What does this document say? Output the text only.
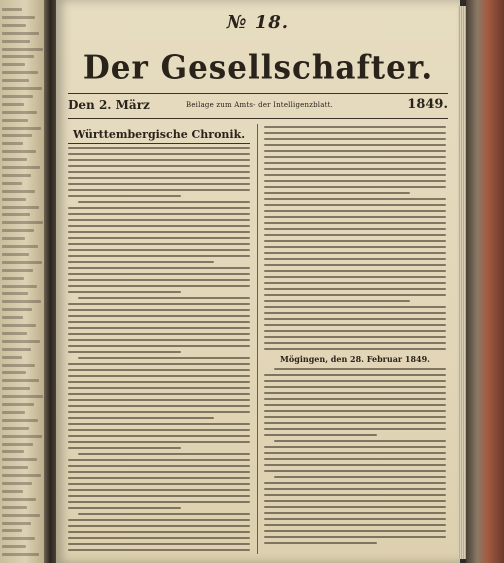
№ 18.
Der Gesellschafter.
Den 2. März	Beilage zum Amts- der Intelligenzblatt.	1849.
Württembergische Chronik.
Mögingen, den 28. Februar 1849.
